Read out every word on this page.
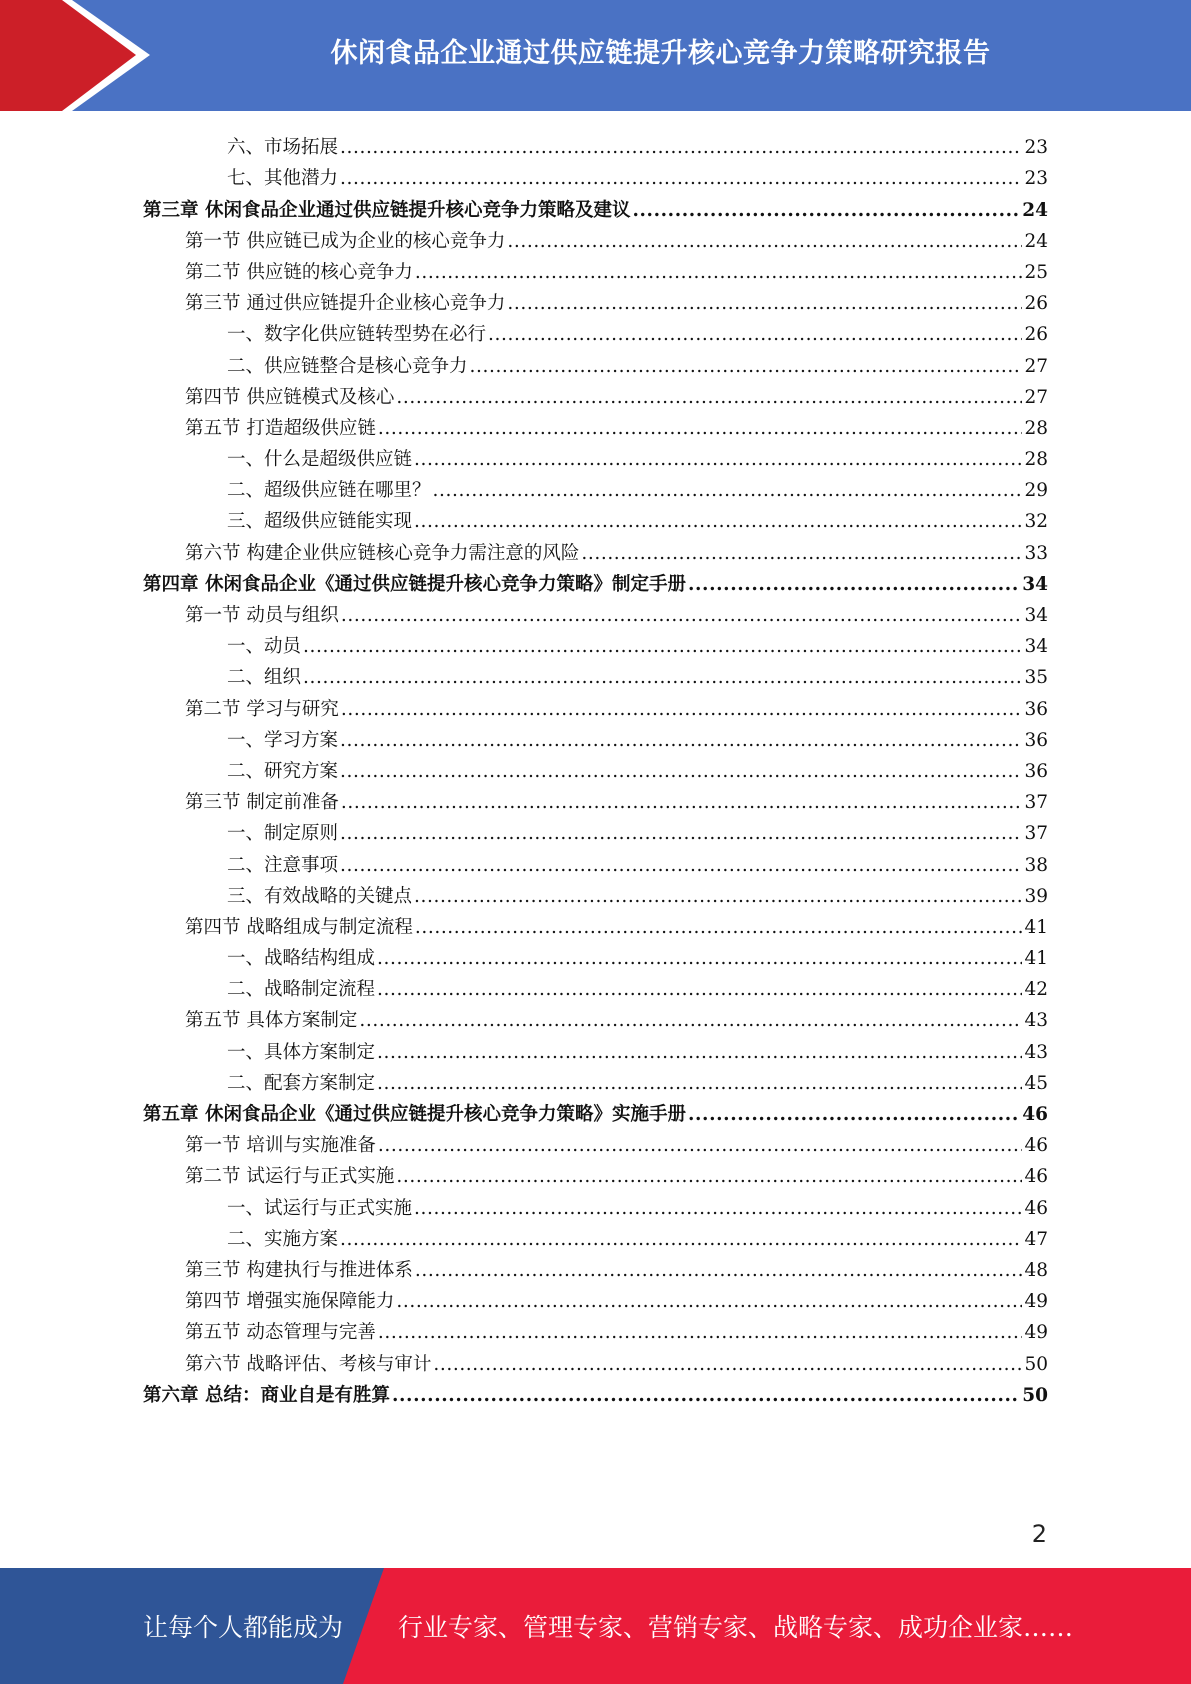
休闲食品企业通过供应链提升核心竞争力策略研究报告
六、市场拓展 .....	23
七、其他潜力 .....	23
第三章 休闲食品企业通过供应链提升核心竞争力策略及建议 .....	24
第一节 供应链已成为企业的核心竞争力 .....	24
第二节 供应链的核心竞争力 .....	25
第三节 通过供应链提升企业核心竞争力 .....	26
一、数字化供应链转型势在必行 .....	26
二、供应链整合是核心竞争力 .....	27
第四节 供应链模式及核心 .....	27
第五节 打造超级供应链 .....	28
一、什么是超级供应链 .....	28
二、超级供应链在哪里？ .....	29
三、超级供应链能实现 .....	32
第六节 构建企业供应链核心竞争力需注意的风险 .....	33
第四章 休闲食品企业《通过供应链提升核心竞争力策略》制定手册 .....	34
第一节 动员与组织 .....	34
一、动员 .....	34
二、组织 .....	35
第二节 学习与研究 .....	36
一、学习方案 .....	36
二、研究方案 .....	36
第三节 制定前准备 .....	37
一、制定原则 .....	37
二、注意事项 .....	38
三、有效战略的关键点 .....	39
第四节 战略组成与制定流程 .....	41
一、战略结构组成 .....	41
二、战略制定流程 .....	42
第五节 具体方案制定 .....	43
一、具体方案制定 .....	43
二、配套方案制定 .....	45
第五章 休闲食品企业《通过供应链提升核心竞争力策略》实施手册 .....	46
第一节 培训与实施准备 .....	46
第二节 试运行与正式实施 .....	46
一、试运行与正式实施 .....	46
二、实施方案 .....	47
第三节 构建执行与推进体系 .....	48
第四节 增强实施保障能力 .....	49
第五节 动态管理与完善 .....	49
第六节 战略评估、考核与审计 .....	50
第六章 总结：商业自是有胜算 .....	50
2
让每个人都能成为 行业专家、管理专家、营销专家、战略专家、成功企业家……
